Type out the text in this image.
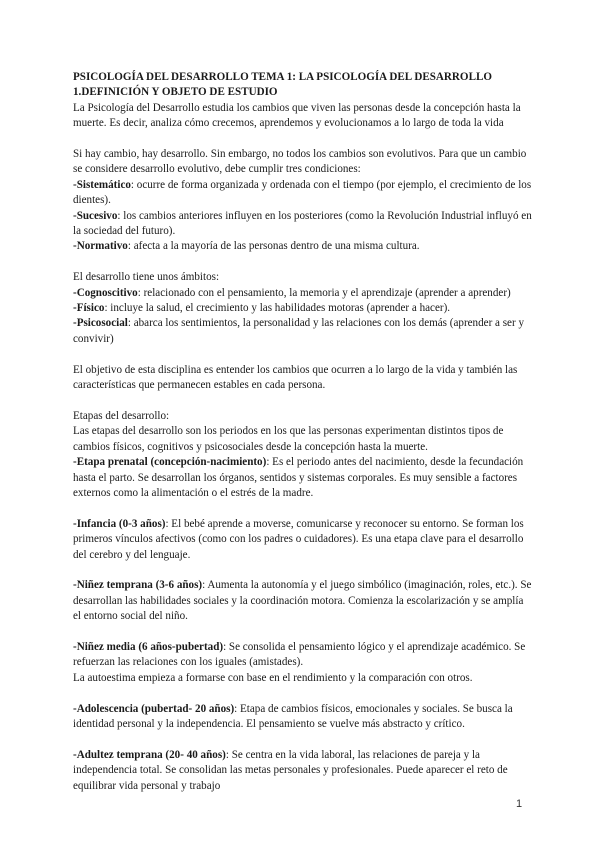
PSICOLOGÍA DEL DESARROLLO TEMA 1: LA PSICOLOGÍA DEL DESARROLLO 1.DEFINICIÓN Y OBJETO DE ESTUDIO

La Psicología del Desarrollo estudia los cambios que viven las personas desde la concepción hasta la muerte. Es decir, analiza cómo crecemos, aprendemos y evolucionamos a lo largo de toda la vida

Si hay cambio, hay desarrollo. Sin embargo, no todos los cambios son evolutivos. Para que un cambio se considere desarrollo evolutivo, debe cumplir tres condiciones:

-Sistemático: ocurre de forma organizada y ordenada con el tiempo (por ejemplo, el crecimiento de los dientes).

-Sucesivo: los cambios anteriores influyen en los posteriores (como la Revolución Industrial influyó en la sociedad del futuro).

-Normativo: afecta a la mayoría de las personas dentro de una misma cultura.

El desarrollo tiene unos ámbitos:

-Cognoscitivo: relacionado con el pensamiento, la memoria y el aprendizaje (aprender a aprender)

-Físico: incluye la salud, el crecimiento y las habilidades motoras (aprender a hacer).

-Psicosocial: abarca los sentimientos, la personalidad y las relaciones con los demás (aprender a ser y convivir)

El objetivo de esta disciplina es entender los cambios que ocurren a lo largo de la vida y también las características que permanecen estables en cada persona.

Etapas del desarrollo:

Las etapas del desarrollo son los periodos en los que las personas experimentan distintos tipos de cambios físicos, cognitivos y psicosociales desde la concepción hasta la muerte.

-Etapa prenatal (concepción-nacimiento): Es el periodo antes del nacimiento, desde la fecundación hasta el parto. Se desarrollan los órganos, sentidos y sistemas corporales. Es muy sensible a factores externos como la alimentación o el estrés de la madre.

-Infancia (0-3 años): El bebé aprende a moverse, comunicarse y reconocer su entorno. Se forman los primeros vínculos afectivos (como con los padres o cuidadores). Es una etapa clave para el desarrollo del cerebro y del lenguaje.

-Niñez temprana (3-6 años): Aumenta la autonomía y el juego simbólico (imaginación, roles, etc.). Se desarrollan las habilidades sociales y la coordinación motora. Comienza la escolarización y se amplía el entorno social del niño.

-Niñez media (6 años-pubertad): Se consolida el pensamiento lógico y el aprendizaje académico. Se refuerzan las relaciones con los iguales (amistades).

La autoestima empieza a formarse con base en el rendimiento y la comparación con otros.

-Adolescencia (pubertad- 20 años): Etapa de cambios físicos, emocionales y sociales. Se busca la identidad personal y la independencia. El pensamiento se vuelve más abstracto y crítico.

-Adultez temprana (20- 40 años): Se centra en la vida laboral, las relaciones de pareja y la independencia total. Se consolidan las metas personales y profesionales. Puede aparecer el reto de equilibrar vida personal y trabajo

1
